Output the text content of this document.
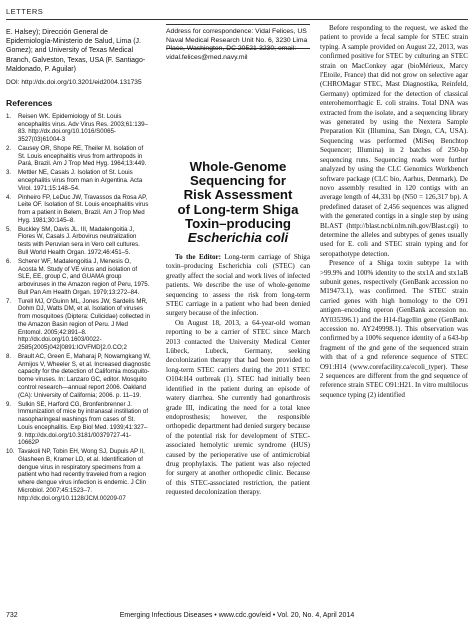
LETTERS

E. Halsey); Dirección General de Epidemiología-Ministerio de Salud, Lima (J. Gomez); and University of Texas Medical Branch, Galveston, Texas, USA (F. Santiago-Maldonado, P. Aguilar)

DOI: http://dx.doi.org/10.3201/eid2004.131735
References
1. Reisen WK. Epidemiology of St. Louis encephalitis virus. Adv Virus Res. 2003;61:139–83. http://dx.doi.org/10.1016/S0065-3527(03)61004-3
2. Causey OR, Shope RE, Theiler M. Isolation of St. Louis encephalitis virus from arthropods in Pará, Brazil. Am J Trop Med Hyg. 1964;13:449.
3. Mettler NE, Casals J. Isolation of St. Louis encephalitis virus from man in Argentina. Acta Virol. 1971;15:148–54.
4. Pinheiro FP, LeDuc JW, Travassos da Rosa AP, Leite OF. Isolation of St. Louis encephalitis virus from a patient in Belem, Brazil. Am J Trop Med Hyg. 1981;30:145–8.
5. Buckley SM, Davis JL. III, Madalengoitia J, Flores W, Casals J. Arbovirus neutralization tests with Peruvian sera in Vero cell cultures. Bull World Health Organ. 1972;46:451–5.
6. Scherer WF, Madalengoitia J, Menesis O, Acosta M. Study of VE virus and isolation of SLE, EE, group C, and GUAMA group arboviruses in the Amazon region of Peru, 1975. Bull Pan Am Health Organ. 1979;13:272–84.
7. Turell MJ, O'Guinn ML, Jones JW, Sardelis MR, Dohm DJ, Watts DM, et al. Isolation of viruses from mosquitoes (Diptera: Culicidae) collected in the Amazon Basin region of Peru. J Med Entomol. 2005;42:891–8. http://dx.doi.org/10.1603/0022-2585(2005)042[0891:IOVFMD]2.0.CO;2
8. Brault AC, Green E, Maharaj P, Nowamgkang W, Armijos V, Wheeler S, et al. Increased diagnostic capacity for the detection of California mosquito-borne viruses. In: Lanzaro GC, editor. Mosquito control research—annual report 2006. Oakland (CA): University of California; 2006. p. 11–19.
9. Sulkin SE, Harford CG, Bronfenbrenner J. Immunization of mice by intranasal instillation of nasopharingeal washings from cases of St. Louis encephalitis. Exp Biol Med. 1939;41:327–9. http://dx.doi.org/10.3181/00379727-41-10662P
10. Tavakoli NP, Tobin EH, Wong SJ, Dupuis AP II, Glasheen B, Kramer LD, et al. Identification of dengue virus in respiratory specimens from a patient who had recently traveled from a region where dengue virus infection is endemic. J Clin Microbiol. 2007;45:1523–7. http://dx.doi.org/10.1128/JCM.00209-07
Address for correspondence: Vidal Felices, US Naval Medical Research Unit No. 6, 3230 Lima Place, Washington, DC 20521-3230; email: vidal.felices@med.navy.mil
Whole-Genome
Sequencing for
Risk Assessment
of Long-term Shiga
Toxin–producing
Escherichia coli

To the Editor: Long-term carriage of Shiga toxin–producing Escherichia coli (STEC) can greatly affect the social and work lives of infected patients. We describe the use of whole-genome sequencing to assess the risk from long-term STEC carriage in a patient who had been denied surgery because of the infection.

On August 18, 2013, a 64-year-old woman reporting to be a carrier of STEC since March 2013 contacted the University Medical Center Lübeck, Lubeck, Germany, seeking decolonization therapy that had been provided to long-term STEC carriers during the 2011 STEC O104:H4 outbreak (1). STEC had initially been identified in the patient during an episode of watery diarrhea. She currently had gonarthrosis grade III, indicating the need for a total knee endoprosthesis; however, the responsible orthopedic department had denied surgery because of the potential risk for development of STEC-associated hemolytic uremic syndrome (HUS) caused by the perioperative use of antimicrobial drug prophylaxis. The patient was also rejected for surgery at another orthopedic clinic. Because of this STEC-associated restriction, the patient requested decolonization therapy.

Before responding to the request, we asked the patient to provide a fecal sample for STEC strain typing. A sample provided on August 22, 2013, was confirmed positive for STEC by culturing an STEC strain on MacConkey agar (bioMérieux, Marcy l'Etoile, France) that did not grow on selective agar (CHROMagar STEC, Mast Diagnostika, Reinfeld, Germany) optimized for the detection of classical enterohemorrhagic E. coli strains. Total DNA was extracted from the isolate, and a sequencing library was generated by using the Nextera Sample Preparation Kit (Illumina, San Diego, CA, USA). Sequencing was performed (MiSeq Benchtop Sequencer; Illumina) in 2 batches of 250-bp sequencing runs. Sequencing reads were further analyzed by using the CLC Genomics Workbench software package (CLC bio, Aarhus, Denmark). De novo assembly resulted in 120 contigs with an average length of 44,331 bp (N50 = 126,317 bp). A predefined dataset of 2,456 sequences was aligned with the generated contigs in a single step by using BLAST (http://blast.ncbi.nlm.nih.gov/Blast.cgi) to determine the alleles and subtypes of genes usually used for E. coli and STEC strain typing and for seropathotype detection.

Presence of a Shiga toxin subtype 1a with >99.9% and 100% identity to the stx1A and stx1aB subunit genes, respectively (GenBank accession no M19473.1), was confirmed. The STEC strain carried genes with high homology to the O91 antigen–encoding operon (GenBank accession no. AY035396.1) and the H14-flagellin gene (GenBank accession no. AY249998.1). This observation was confirmed by a 100% sequence identity of a 643-bp fragment of the gnd gene of the sequenced strain with that of a gnd reference sequence of STEC O91:H14 (www.corefacility.ca/ecoli_typer). These 2 sequences are different from the gnd sequence of reference strain STEC O91:H21. In vitro multilocus sequence typing (2) identified

732	Emerging Infectious Diseases • www.cdc.gov/eid • Vol. 20, No. 4, April 2014
